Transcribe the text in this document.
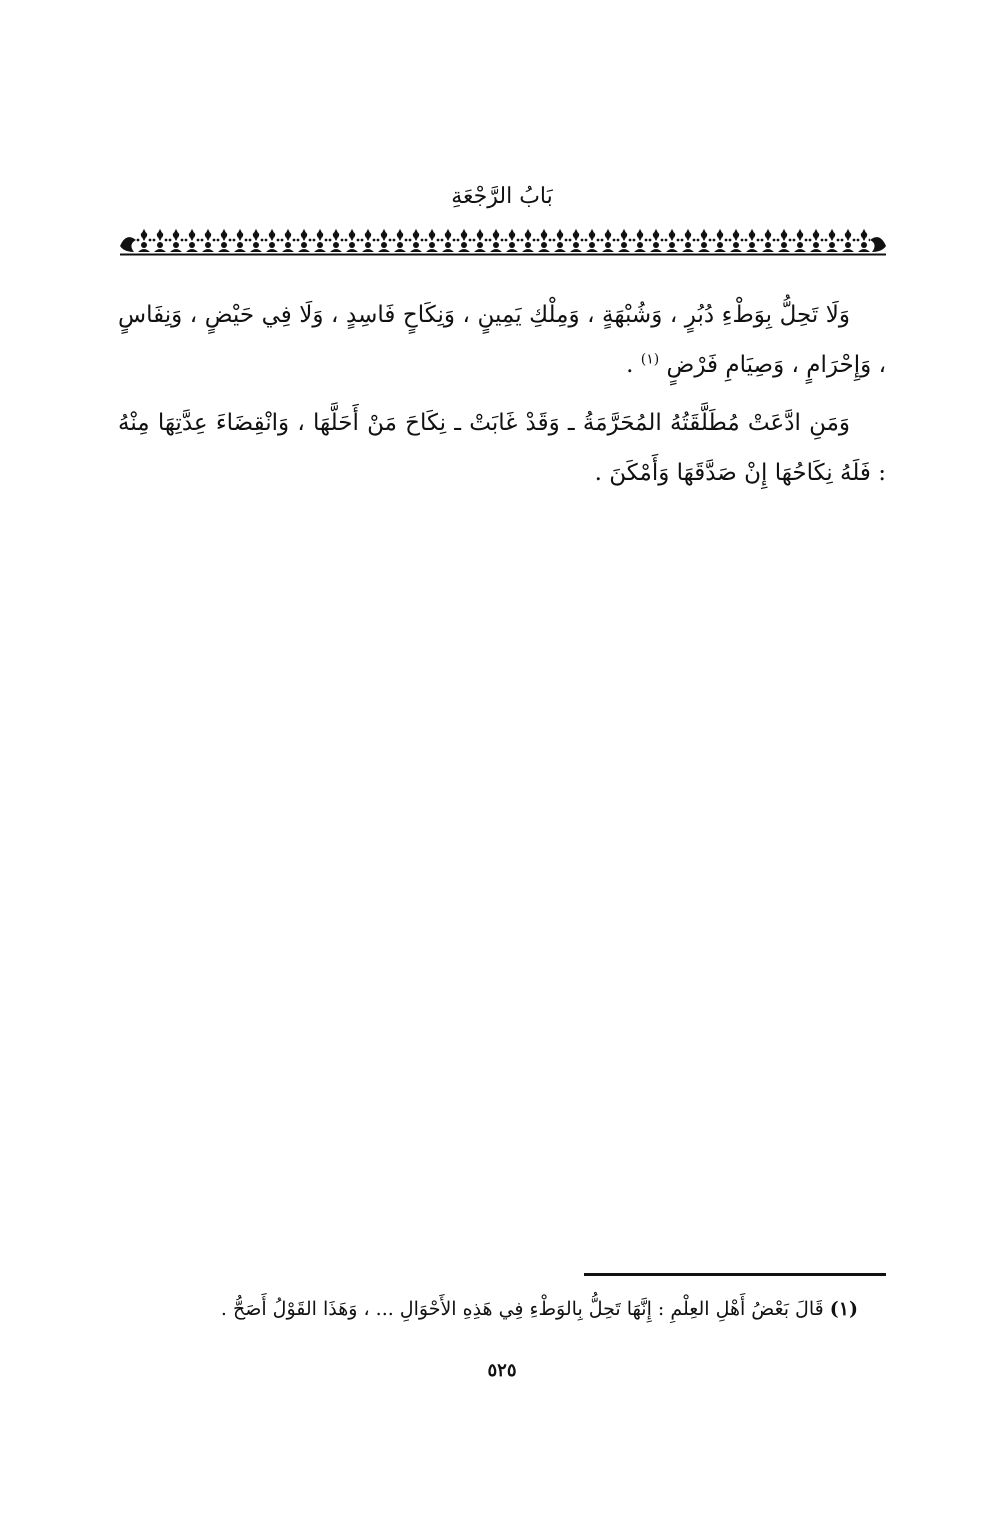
بَابُ الرَّجْعَةِ

وَلَا تَحِلُّ بِوَطْءِ دُبُرٍ ، وَشُبْهَةٍ ، وَمِلْكِ يَمِينٍ ، وَنِكَاحٍ فَاسِدٍ ، وَلَا فِي حَيْضٍ ، وَنِفَاسٍ ، وَإِحْرَامٍ ، وَصِيَامِ فَرْضٍ $^{(١)}$ .

وَمَنِ ادَّعَتْ مُطَلَّقَتُهُ المُحَرَّمَةُ ـ وَقَدْ غَابَتْ ـ نِكَاحَ مَنْ أَحَلَّهَا ، وَانْقِضَاءَ عِدَّتِهَا مِنْهُ : فَلَهُ نِكَاحُهَا إِنْ صَدَّقَهَا وَأَمْكَنَ .

(١) قَالَ بَعْضُ أَهْلِ العِلْمِ : إِنَّهَا تَحِلُّ بِالوَطْءِ فِي هَذِهِ الأَحْوَالِ ... ، وَهَذَا القَوْلُ أَصَحُّ .
٥٢٥
